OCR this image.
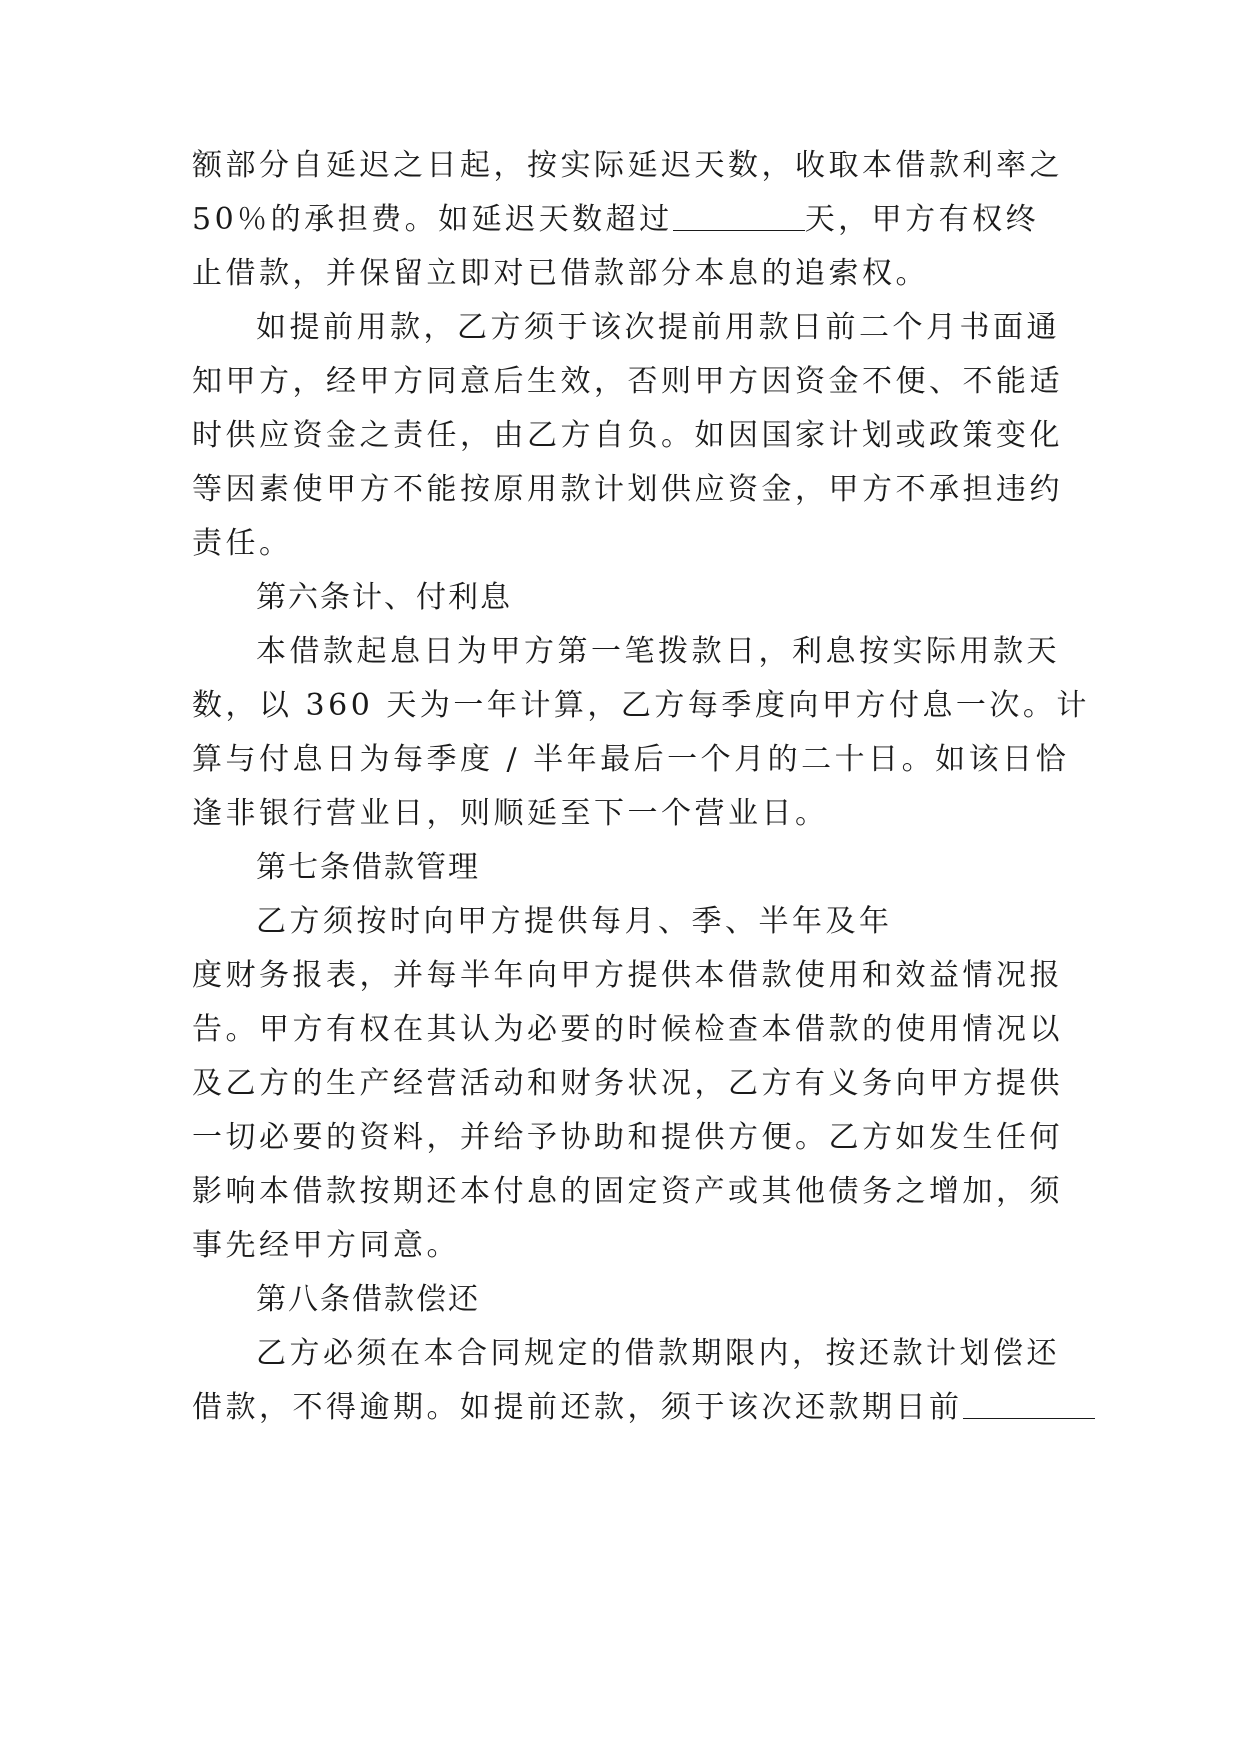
额部分自延迟之日起，按实际延迟天数，收取本借款利率之
50％的承担费。如延迟天数超过	天，甲方有权终
止借款，并保留立即对已借款部分本息的追索权。
如提前用款，乙方须于该次提前用款日前二个月书面通
知甲方，经甲方同意后生效，否则甲方因资金不便、不能适
时供应资金之责任，由乙方自负。如因国家计划或政策变化
等因素使甲方不能按原用款计划供应资金，甲方不承担违约
责任。
第六条计、付利息
本借款起息日为甲方第一笔拨款日，利息按实际用款天
数，以 360 天为一年计算，乙方每季度向甲方付息一次。计
算与付息日为每季度 / 半年最后一个月的二十日。如该日恰
逢非银行营业日，则顺延至下一个营业日。
第七条借款管理
乙方须按时向甲方提供每月、季、半年及年
度财务报表，并每半年向甲方提供本借款使用和效益情况报
告。甲方有权在其认为必要的时候检查本借款的使用情况以
及乙方的生产经营活动和财务状况，乙方有义务向甲方提供
一切必要的资料，并给予协助和提供方便。乙方如发生任何
影响本借款按期还本付息的固定资产或其他债务之增加，须
事先经甲方同意。
第八条借款偿还
乙方必须在本合同规定的借款期限内，按还款计划偿还
借款，不得逾期。如提前还款，须于该次还款期日前
